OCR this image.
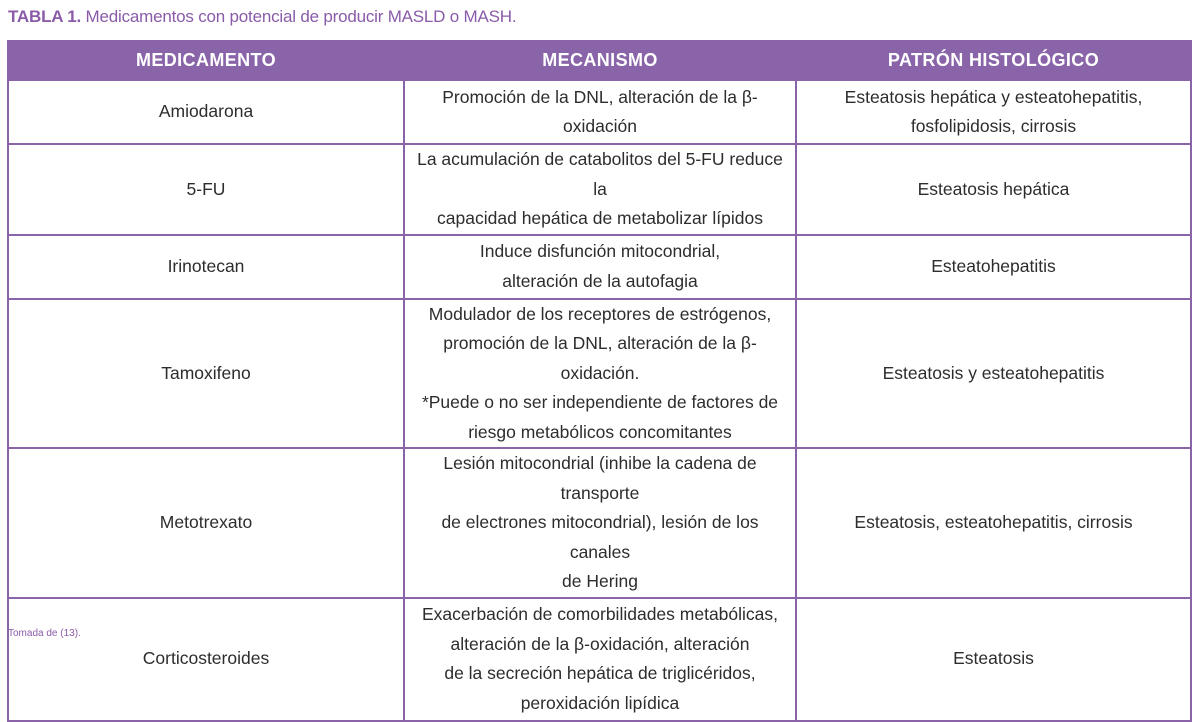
TABLA 1. Medicamentos con potencial de producir MASLD o MASH.
MEDICAMENTO	MECANISMO	PATRÓN HISTOLÓGICO
Amiodarona	Promoción de la DNL, alteración de la β-oxidación	Esteatosis hepática y esteatohepatitis,
fosfolipidosis, cirrosis
5-FU	La acumulación de catabolitos del 5-FU reduce la
capacidad hepática de metabolizar lípidos	Esteatosis hepática
Irinotecan	Induce disfunción mitocondrial,
alteración de la autofagia	Esteatohepatitis
Tamoxifeno	Modulador de los receptores de estrógenos,
promoción de la DNL, alteración de la β-oxidación.
*Puede o no ser independiente de factores de
riesgo metabólicos concomitantes	Esteatosis y esteatohepatitis
Metotrexato	Lesión mitocondrial (inhibe la cadena de transporte
de electrones mitocondrial), lesión de los canales
de Hering	Esteatosis, esteatohepatitis, cirrosis
Corticosteroides	Exacerbación de comorbilidades metabólicas,
alteración de la β-oxidación, alteración
de la secreción hepática de triglicéridos,
peroxidación lipídica	Esteatosis
Tomada de (13).
